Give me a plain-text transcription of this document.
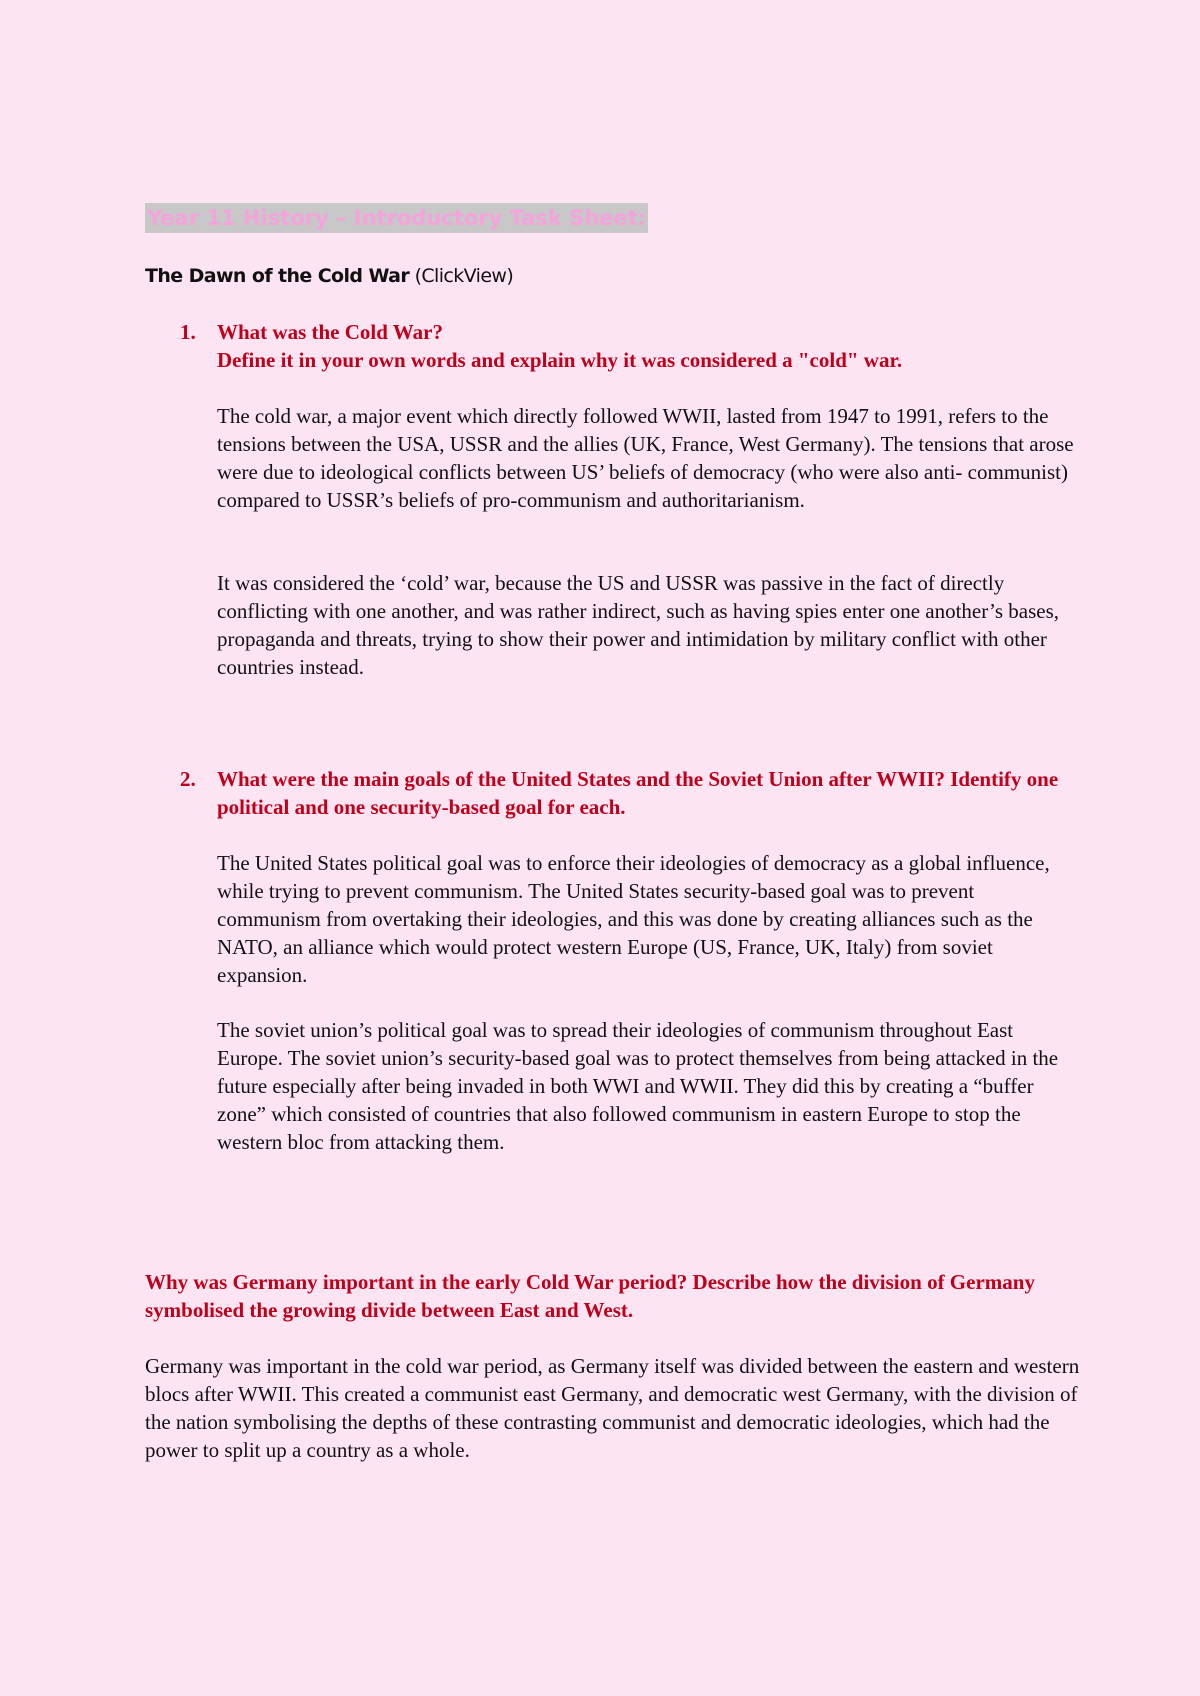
Year 11 History – Introductory Task Sheet:
The Dawn of the Cold War (ClickView)
1. What was the Cold War?

Define it in your own words and explain why it was considered a "cold" war.

The cold war, a major event which directly followed WWII, lasted from 1947 to 1991, refers to the tensions between the USA, USSR and the allies (UK, France, West Germany). The tensions that arose were due to ideological conflicts between US’ beliefs of democracy (who were also anti- communist) compared to USSR’s beliefs of pro-communism and authoritarianism.

It was considered the ‘cold’ war, because the US and USSR was passive in the fact of directly conflicting with one another, and was rather indirect, such as having spies enter one another’s bases, propaganda and threats, trying to show their power and intimidation by military conflict with other countries instead.

2. What were the main goals of the United States and the Soviet Union after WWII? Identify one political and one security-based goal for each.

The United States political goal was to enforce their ideologies of democracy as a global influence, while trying to prevent communism. The United States security-based goal was to prevent communism from overtaking their ideologies, and this was done by creating alliances such as the NATO, an alliance which would protect western Europe (US, France, UK, Italy) from soviet expansion.

The soviet union’s political goal was to spread their ideologies of communism throughout East Europe. The soviet union’s security-based goal was to protect themselves from being attacked in the future especially after being invaded in both WWI and WWII. They did this by creating a “buffer zone” which consisted of countries that also followed communism in eastern Europe to stop the western bloc from attacking them.

Why was Germany important in the early Cold War period? Describe how the division of Germany symbolised the growing divide between East and West.

Germany was important in the cold war period, as Germany itself was divided between the eastern and western blocs after WWII. This created a communist east Germany, and democratic west Germany, with the division of the nation symbolising the depths of these contrasting communist and democratic ideologies, which had the power to split up a country as a whole.
